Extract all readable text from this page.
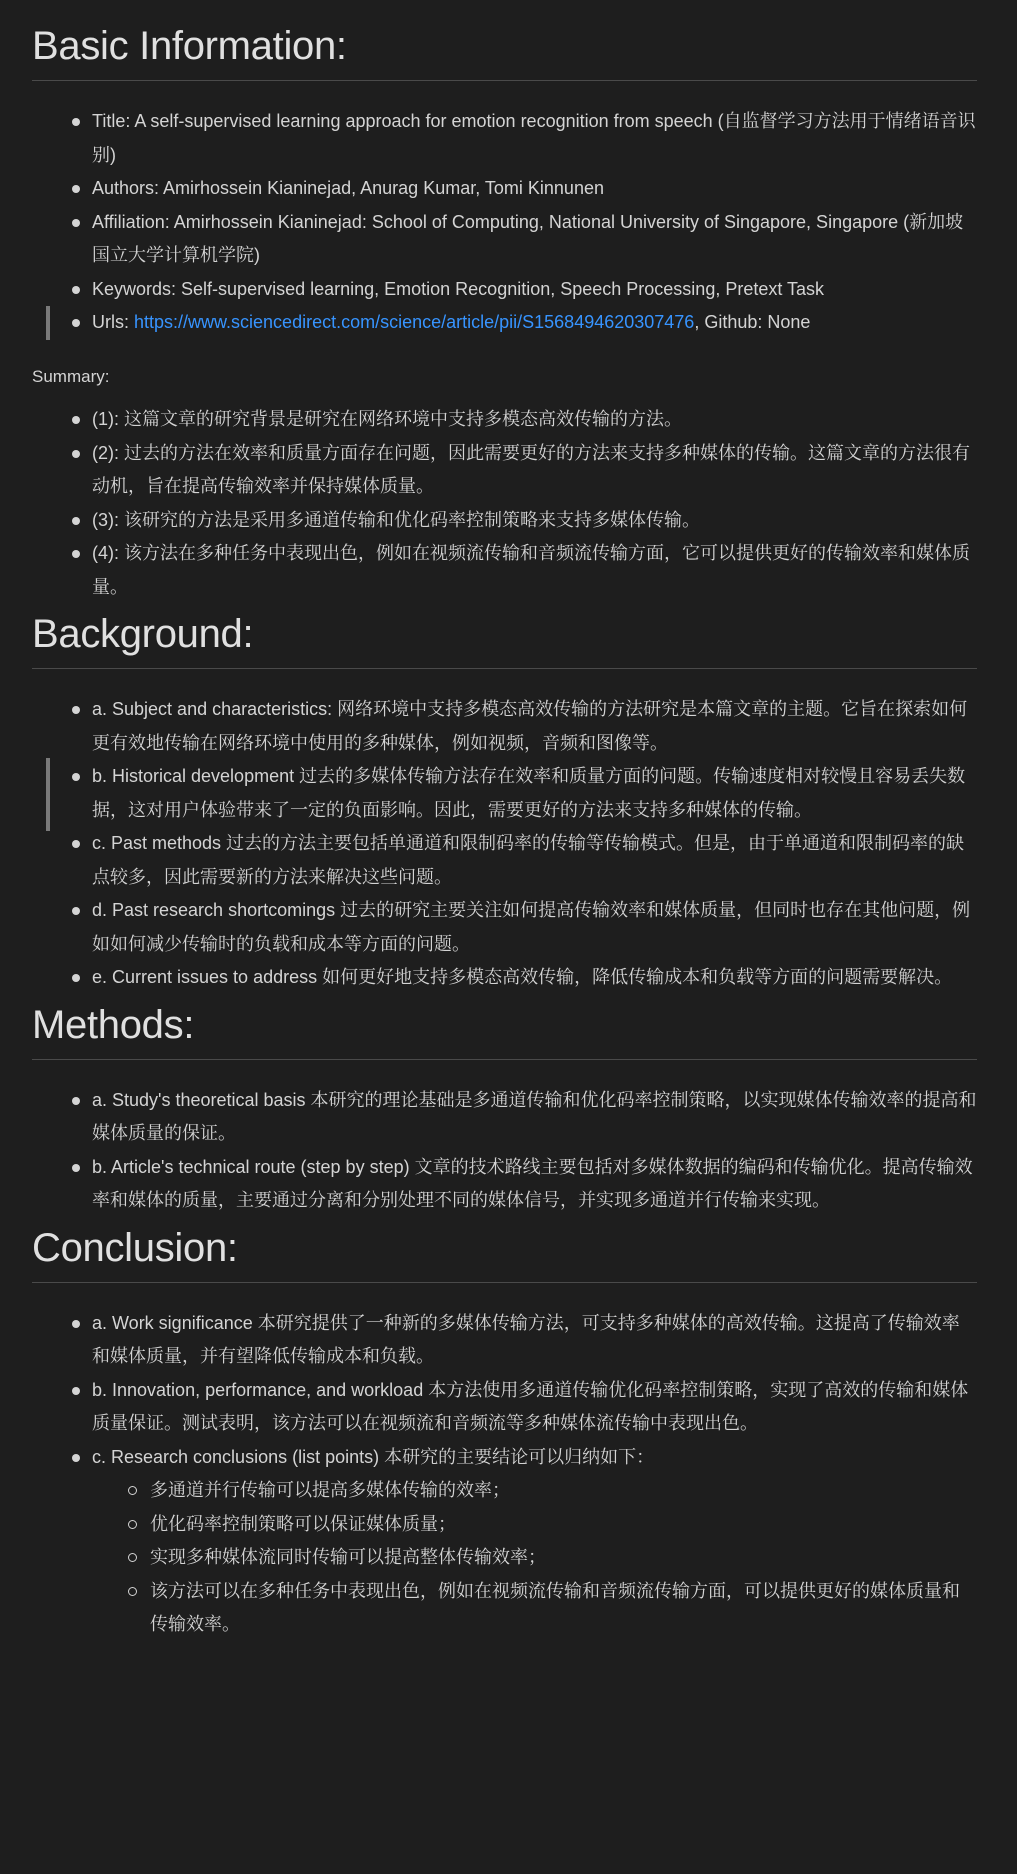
Basic Information:
Title: A self-supervised learning approach for emotion recognition from speech (自监督学习方法用于情绪语音识别)
Authors: Amirhossein Kianinejad, Anurag Kumar, Tomi Kinnunen
Affiliation: Amirhossein Kianinejad: School of Computing, National University of Singapore, Singapore (新加坡国立大学计算机学院)
Keywords: Self-supervised learning, Emotion Recognition, Speech Processing, Pretext Task
Urls: https://www.sciencedirect.com/science/article/pii/S1568494620307476, Github: None

Summary:

(1): 这篇文章的研究背景是研究在网络环境中支持多模态高效传输的方法。
(2): 过去的方法在效率和质量方面存在问题，因此需要更好的方法来支持多种媒体的传输。这篇文章的方法很有动机，旨在提高传输效率并保持媒体质量。
(3): 该研究的方法是采用多通道传输和优化码率控制策略来支持多媒体传输。
(4): 该方法在多种任务中表现出色，例如在视频流传输和音频流传输方面，它可以提供更好的传输效率和媒体质量。
Background:
a. Subject and characteristics: 网络环境中支持多模态高效传输的方法研究是本篇文章的主题。它旨在探索如何更有效地传输在网络环境中使用的多种媒体，例如视频，音频和图像等。
b. Historical development 过去的多媒体传输方法存在效率和质量方面的问题。传输速度相对较慢且容易丢失数据，这对用户体验带来了一定的负面影响。因此，需要更好的方法来支持多种媒体的传输。
c. Past methods 过去的方法主要包括单通道和限制码率的传输等传输模式。但是，由于单通道和限制码率的缺点较多，因此需要新的方法来解决这些问题。
d. Past research shortcomings 过去的研究主要关注如何提高传输效率和媒体质量，但同时也存在其他问题，例如如何减少传输时的负载和成本等方面的问题。
e. Current issues to address 如何更好地支持多模态高效传输，降低传输成本和负载等方面的问题需要解决。
Methods:
a. Study's theoretical basis 本研究的理论基础是多通道传输和优化码率控制策略，以实现媒体传输效率的提高和媒体质量的保证。
b. Article's technical route (step by step) 文章的技术路线主要包括对多媒体数据的编码和传输优化。提高传输效率和媒体的质量，主要通过分离和分别处理不同的媒体信号，并实现多通道并行传输来实现。
Conclusion:
a. Work significance 本研究提供了一种新的多媒体传输方法，可支持多种媒体的高效传输。这提高了传输效率和媒体质量，并有望降低传输成本和负载。
b. Innovation, performance, and workload 本方法使用多通道传输优化码率控制策略，实现了高效的传输和媒体质量保证。测试表明，该方法可以在视频流和音频流等多种媒体流传输中表现出色。
c. Research conclusions (list points) 本研究的主要结论可以归纳如下：
多通道并行传输可以提高多媒体传输的效率；
优化码率控制策略可以保证媒体质量；
实现多种媒体流同时传输可以提高整体传输效率；
该方法可以在多种任务中表现出色，例如在视频流传输和音频流传输方面，可以提供更好的媒体质量和传输效率。
